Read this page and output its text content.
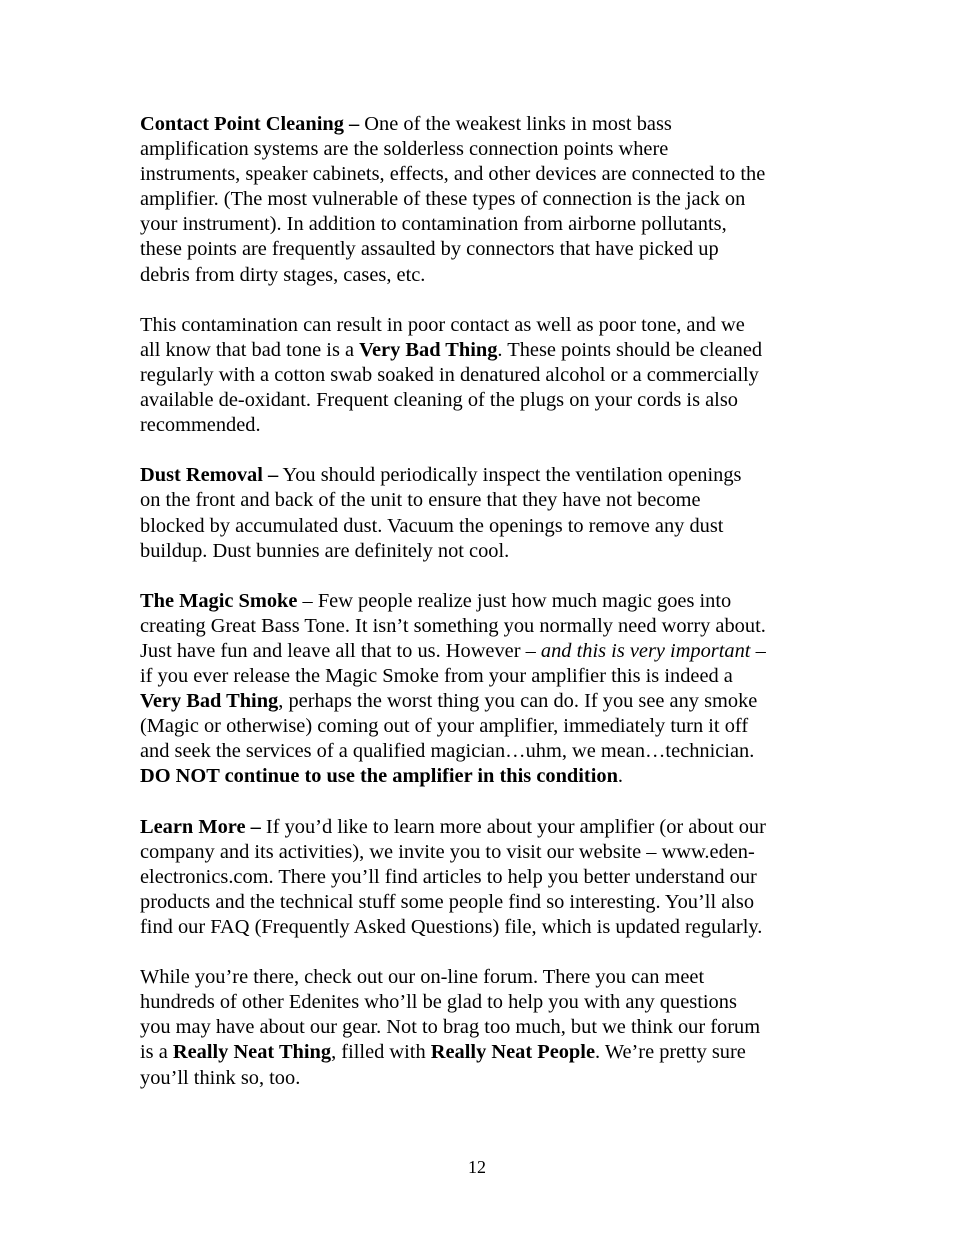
Contact Point Cleaning – One of the weakest links in most bass
amplification systems are the solderless connection points where
instruments, speaker cabinets, effects, and other devices are connected to the
amplifier. (The most vulnerable of these types of connection is the jack on
your instrument). In addition to contamination from airborne pollutants,
these points are frequently assaulted by connectors that have picked up
debris from dirty stages, cases, etc.

This contamination can result in poor contact as well as poor tone, and we
all know that bad tone is a Very Bad Thing. These points should be cleaned
regularly with a cotton swab soaked in denatured alcohol or a commercially
available de-oxidant. Frequent cleaning of the plugs on your cords is also
recommended.

Dust Removal – You should periodically inspect the ventilation openings
on the front and back of the unit to ensure that they have not become
blocked by accumulated dust. Vacuum the openings to remove any dust
buildup. Dust bunnies are definitely not cool.

The Magic Smoke – Few people realize just how much magic goes into
creating Great Bass Tone. It isn’t something you normally need worry about.
Just have fun and leave all that to us. However – and this is very important –
if you ever release the Magic Smoke from your amplifier this is indeed a
Very Bad Thing, perhaps the worst thing you can do. If you see any smoke
(Magic or otherwise) coming out of your amplifier, immediately turn it off
and seek the services of a qualified magician…uhm, we mean…technician.
DO NOT continue to use the amplifier in this condition.

Learn More – If you’d like to learn more about your amplifier (or about our
company and its activities), we invite you to visit our website – www.eden-
electronics.com. There you’ll find articles to help you better understand our
products and the technical stuff some people find so interesting. You’ll also
find our FAQ (Frequently Asked Questions) file, which is updated regularly.

While you’re there, check out our on-line forum. There you can meet
hundreds of other Edenites who’ll be glad to help you with any questions
you may have about our gear. Not to brag too much, but we think our forum
is a Really Neat Thing, filled with Really Neat People. We’re pretty sure
you’ll think so, too.

12
